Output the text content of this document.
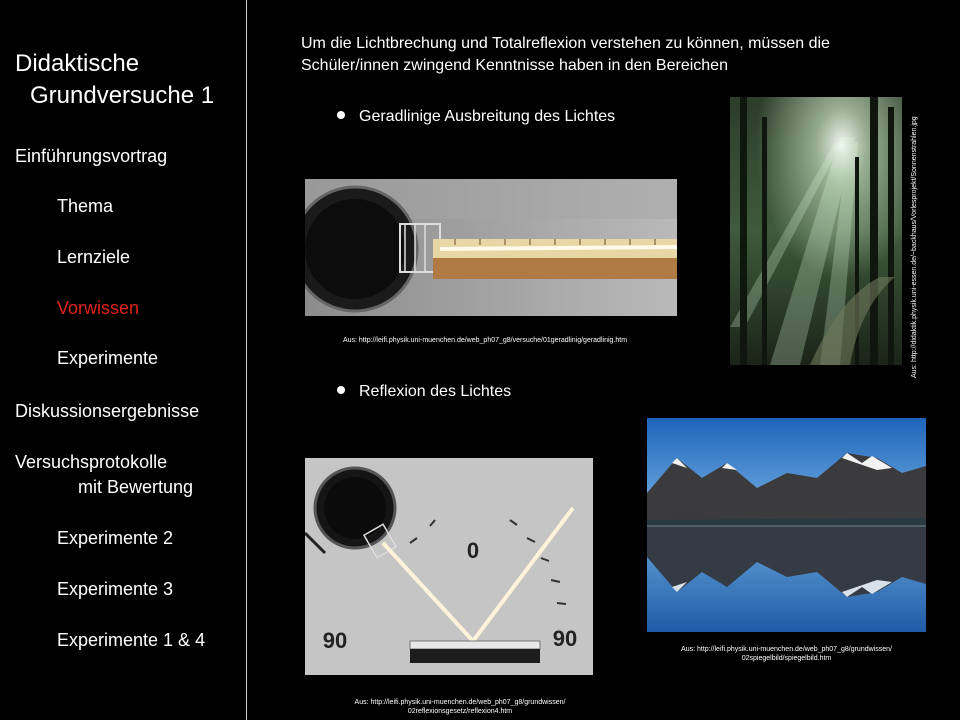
Didaktische
Grundversuche 1
Einführungsvortrag
Thema
Lernziele
Vorwissen
Experimente
Diskussionsergebnisse
Versuchsprotokolle
mit Bewertung
Experimente 2
Experimente 3
Experimente 1 & 4
Um die Lichtbrechung und Totalreflexion verstehen zu können, müssen die Schüler/innen zwingend Kenntnisse haben in den Bereichen
Geradlinige Ausbreitung des Lichtes
Reflexion des Lichtes
Aus: http://leifi.physik.uni-muenchen.de/web_ph07_g8/versuche/01geradlinig/geradlinig.htm	Aus: http://didaktik.physik.uni-essen.de/~backhaus/Vorlesprojekt/Sonnenstrahlen.jpg
0
90	90
Aus: http://leifi.physik.uni-muenchen.de/web_ph07_g8/grundwissen/
02reflexionsgesetz/reflexion4.htm
Aus: http://leifi.physik.uni-muenchen.de/web_ph07_g8/grundwissen/
02spiegelbild/spiegelbild.htm
